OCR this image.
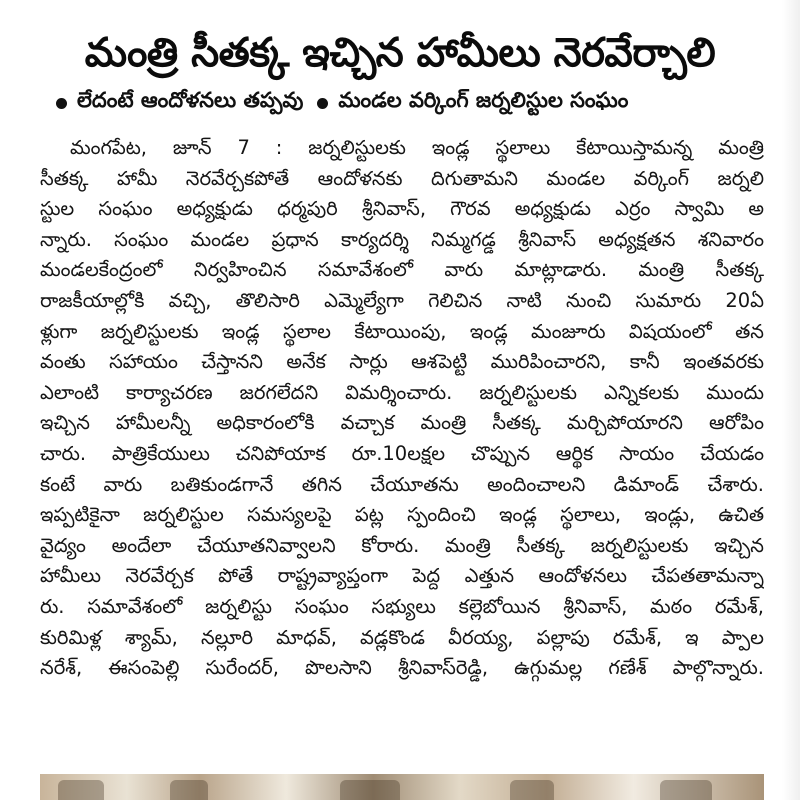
మంత్రి సీతక్క ఇచ్చిన హామీలు నెరవేర్చాలి
లేదంటే ఆందోళనలు తప్పవు మండల వర్కింగ్ జర్నలిస్టుల సంఘం
మంగపేట, జూన్ 7 : జర్నలిస్టులకు ఇండ్ల స్థలాలు కేటాయిస్తామన్న మంత్రి
సీతక్క హామీ నెరవేర్చకపోతే ఆందోళనకు దిగుతామని మండల వర్కింగ్ జర్నలి
స్టుల సంఘం అధ్యక్షుడు ధర్మపురి శ్రీనివాస్, గౌరవ అధ్యక్షుడు ఎర్రం స్వామి అ
న్నారు. సంఘం మండల ప్రధాన కార్యదర్శి నిమ్మగడ్డ శ్రీనివాస్ అధ్యక్షతన శనివారం
మండలకేంద్రంలో నిర్వహించిన సమావేశంలో వారు మాట్లాడారు. మంత్రి సీతక్క
రాజకీయాల్లోకి వచ్చి, తొలిసారి ఎమ్మెల్యేగా గెలిచిన నాటి నుంచి సుమారు 20ఏ
ళ్లుగా జర్నలిస్టులకు ఇండ్ల స్థలాల కేటాయింపు, ఇండ్ల మంజూరు విషయంలో తన
వంతు సహాయం చేస్తానని అనేక సార్లు ఆశపెట్టి మురిపించారని, కానీ ఇంతవరకు
ఎలాంటి కార్యాచరణ జరగలేదని విమర్శించారు. జర్నలిస్టులకు ఎన్నికలకు ముందు
ఇచ్చిన హామీలన్నీ అధికారంలోకి వచ్చాక మంత్రి సీతక్క మర్చిపోయారని ఆరోపిం
చారు. పాత్రికేయులు చనిపోయాక రూ.10లక్షల చొప్పున ఆర్థిక సాయం చేయడం
కంటే వారు బతికుండగానే తగిన చేయూతను అందించాలని డిమాండ్ చేశారు.
ఇప్పటికైనా జర్నలిస్టుల సమస్యలపై పట్ల స్పందించి ఇండ్ల స్థలాలు, ఇండ్లు, ఉచిత
వైద్యం అందేలా చేయూతనివ్వాలని కోరారు. మంత్రి సీతక్క జర్నలిస్టులకు ఇచ్చిన
హామీలు నెరవేర్చక పోతే రాష్ట్రవ్యాప్తంగా పెద్ద ఎత్తున ఆందోళనలు చేపతతామన్నా
రు. సమావేశంలో జర్నలిస్టు సంఘం సభ్యులు కల్లెబోయిన శ్రీనివాస్, మఠం రమేశ్,
కురిమిళ్ల శ్యామ్, నల్లూరి మాధవ్, వడ్లకొండ వీరయ్య, పల్లాపు రమేశ్, ఇ ప్పాల
నరేశ్, ఈసంపెల్లి సురేందర్, పొలసాని శ్రీనివాస్‌రెడ్డి, ఉగ్గుమల్ల గణేశ్ పాల్గొన్నారు.
